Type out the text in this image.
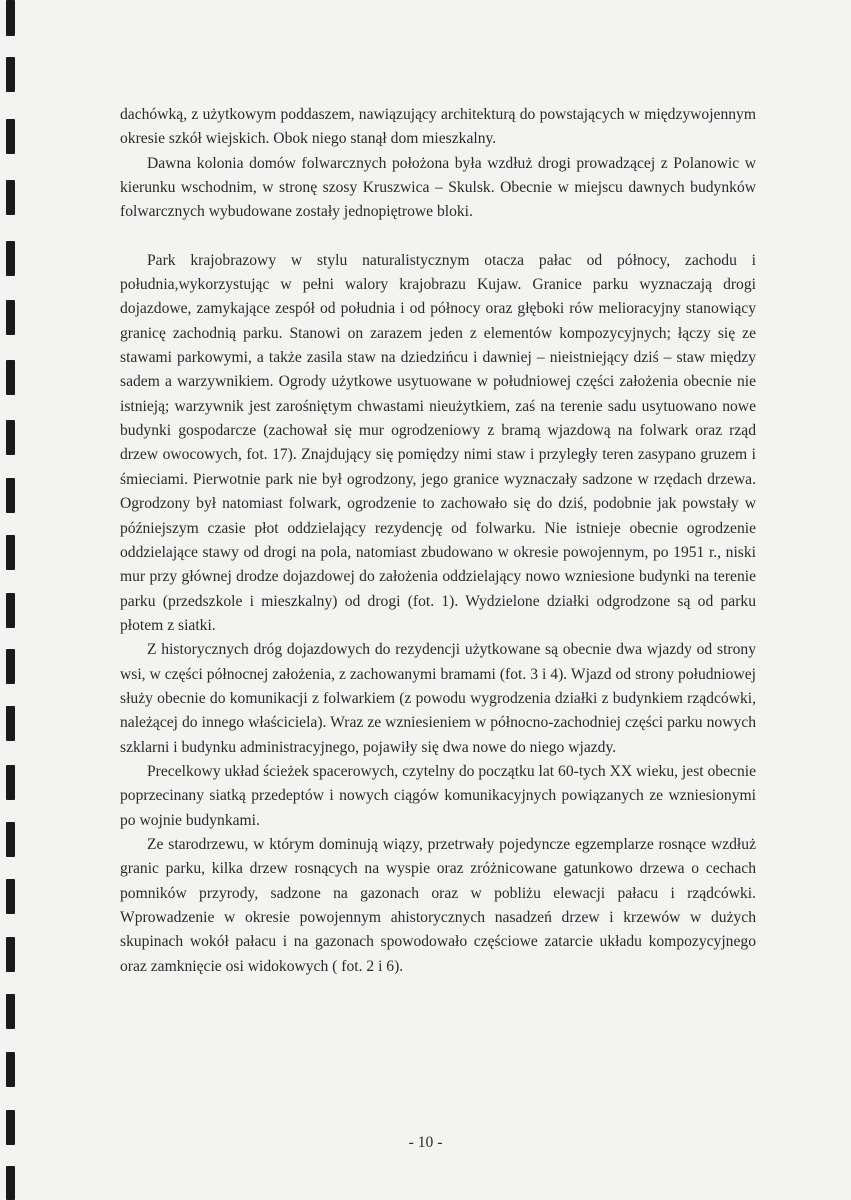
dachówką, z użytkowym poddaszem, nawiązujący architekturą do powstających w międzywojennym okresie szkół wiejskich. Obok niego stanął dom mieszkalny.

Dawna kolonia domów folwarcznych położona była wzdłuż drogi prowadzącej z Polanowic w kierunku wschodnim, w stronę szosy Kruszwica – Skulsk. Obecnie w miejscu dawnych budynków folwarcznych wybudowane zostały jednopiętrowe bloki.

Park krajobrazowy w stylu naturalistycznym otacza pałac od północy, zachodu i południa,wykorzystując w pełni walory krajobrazu Kujaw. Granice parku wyznaczają drogi dojazdowe, zamykające zespół od południa i od północy oraz głęboki rów melioracyjny stanowiący granicę zachodnią parku. Stanowi on zarazem jeden z elementów kompozycyjnych; łączy się ze stawami parkowymi, a także zasila staw na dziedzińcu i dawniej – nieistniejący dziś – staw między sadem a warzywnikiem. Ogrody użytkowe usytuowane w południowej części założenia obecnie nie istnieją; warzywnik jest zarośniętym chwastami nieużytkiem, zaś na terenie sadu usytuowano nowe budynki gospodarcze (zachował się mur ogrodzeniowy z bramą wjazdową na folwark oraz rząd drzew owocowych, fot. 17). Znajdujący się pomiędzy nimi staw i przyległy teren zasypano gruzem i śmieciami. Pierwotnie park nie był ogrodzony, jego granice wyznaczały sadzone w rzędach drzewa. Ogrodzony był natomiast folwark, ogrodzenie to zachowało się do dziś, podobnie jak powstały w późniejszym czasie płot oddzielający rezydencję od folwarku. Nie istnieje obecnie ogrodzenie oddzielające stawy od drogi na pola, natomiast zbudowano w okresie powojennym, po 1951 r., niski mur przy głównej drodze dojazdowej do założenia oddzielający nowo wzniesione budynki na terenie parku (przedszkole i mieszkalny) od drogi (fot. 1). Wydzielone działki odgrodzone są od parku płotem z siatki.

Z historycznych dróg dojazdowych do rezydencji użytkowane są obecnie dwa wjazdy od strony wsi, w części północnej założenia, z zachowanymi bramami (fot. 3 i 4). Wjazd od strony południowej służy obecnie do komunikacji z folwarkiem (z powodu wygrodzenia działki z budynkiem rządcówki, należącej do innego właściciela). Wraz ze wzniesieniem w północno-zachodniej części parku nowych szklarni i budynku administracyjnego, pojawiły się dwa nowe do niego wjazdy.

Precelkowy układ ścieżek spacerowych, czytelny do początku lat 60-tych XX wieku, jest obecnie poprzecinany siatką przedeptów i nowych ciągów komunikacyjnych powiązanych ze wzniesionymi po wojnie budynkami.

Ze starodrzewu, w którym dominują wiązy, przetrwały pojedyncze egzemplarze rosnące wzdłuż granic parku, kilka drzew rosnących na wyspie oraz zróżnicowane gatunkowo drzewa o cechach pomników przyrody, sadzone na gazonach oraz w pobliżu elewacji pałacu i rządcówki. Wprowadzenie w okresie powojennym ahistorycznych nasadzeń drzew i krzewów w dużych skupinach wokół pałacu i na gazonach spowodowało częściowe zatarcie układu kompozycyjnego oraz zamknięcie osi widokowych ( fot. 2 i 6).

- 10 -
